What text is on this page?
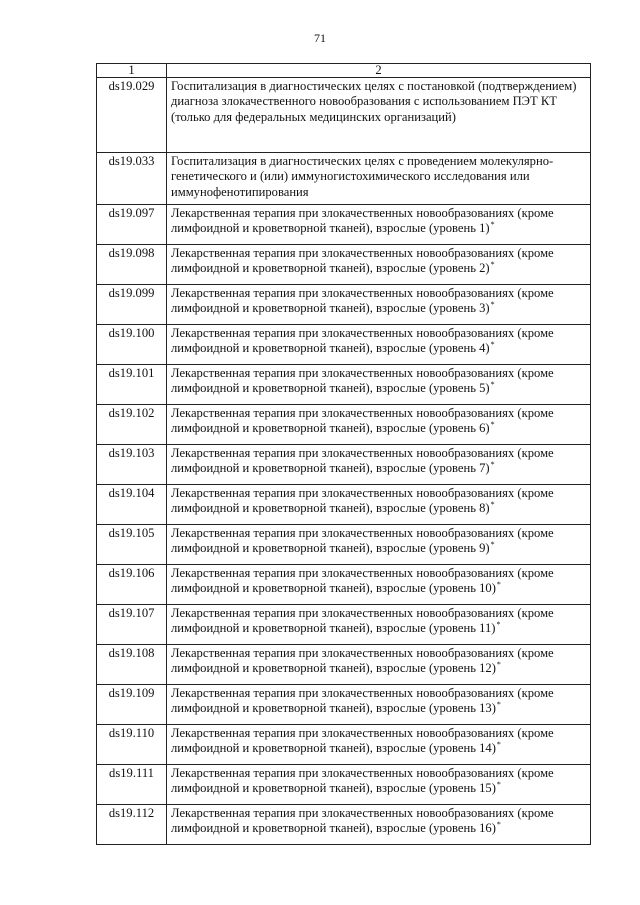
71
1	2
ds19.029	Госпитализация в диагностических целях с постановкой (подтверждением) диагноза злокачественного новообразования с использованием ПЭТ КТ (только для федеральных медицинских организаций)
ds19.033	Госпитализация в диагностических целях с проведением молекулярно-генетического и (или) иммуногистохимического исследования или иммунофенотипирования
ds19.097	Лекарственная терапия при злокачественных новообразованиях (кроме лимфоидной и кроветворной тканей), взрослые (уровень 1)*
ds19.098	Лекарственная терапия при злокачественных новообразованиях (кроме лимфоидной и кроветворной тканей), взрослые (уровень 2)*
ds19.099	Лекарственная терапия при злокачественных новообразованиях (кроме лимфоидной и кроветворной тканей), взрослые (уровень 3)*
ds19.100	Лекарственная терапия при злокачественных новообразованиях (кроме лимфоидной и кроветворной тканей), взрослые (уровень 4)*
ds19.101	Лекарственная терапия при злокачественных новообразованиях (кроме лимфоидной и кроветворной тканей), взрослые (уровень 5)*
ds19.102	Лекарственная терапия при злокачественных новообразованиях (кроме лимфоидной и кроветворной тканей), взрослые (уровень 6)*
ds19.103	Лекарственная терапия при злокачественных новообразованиях (кроме лимфоидной и кроветворной тканей), взрослые (уровень 7)*
ds19.104	Лекарственная терапия при злокачественных новообразованиях (кроме лимфоидной и кроветворной тканей), взрослые (уровень 8)*
ds19.105	Лекарственная терапия при злокачественных новообразованиях (кроме лимфоидной и кроветворной тканей), взрослые (уровень 9)*
ds19.106	Лекарственная терапия при злокачественных новообразованиях (кроме лимфоидной и кроветворной тканей), взрослые (уровень 10)*
ds19.107	Лекарственная терапия при злокачественных новообразованиях (кроме лимфоидной и кроветворной тканей), взрослые (уровень 11)*
ds19.108	Лекарственная терапия при злокачественных новообразованиях (кроме лимфоидной и кроветворной тканей), взрослые (уровень 12)*
ds19.109	Лекарственная терапия при злокачественных новообразованиях (кроме лимфоидной и кроветворной тканей), взрослые (уровень 13)*
ds19.110	Лекарственная терапия при злокачественных новообразованиях (кроме лимфоидной и кроветворной тканей), взрослые (уровень 14)*
ds19.111	Лекарственная терапия при злокачественных новообразованиях (кроме лимфоидной и кроветворной тканей), взрослые (уровень 15)*
ds19.112	Лекарственная терапия при злокачественных новообразованиях (кроме лимфоидной и кроветворной тканей), взрослые (уровень 16)*
